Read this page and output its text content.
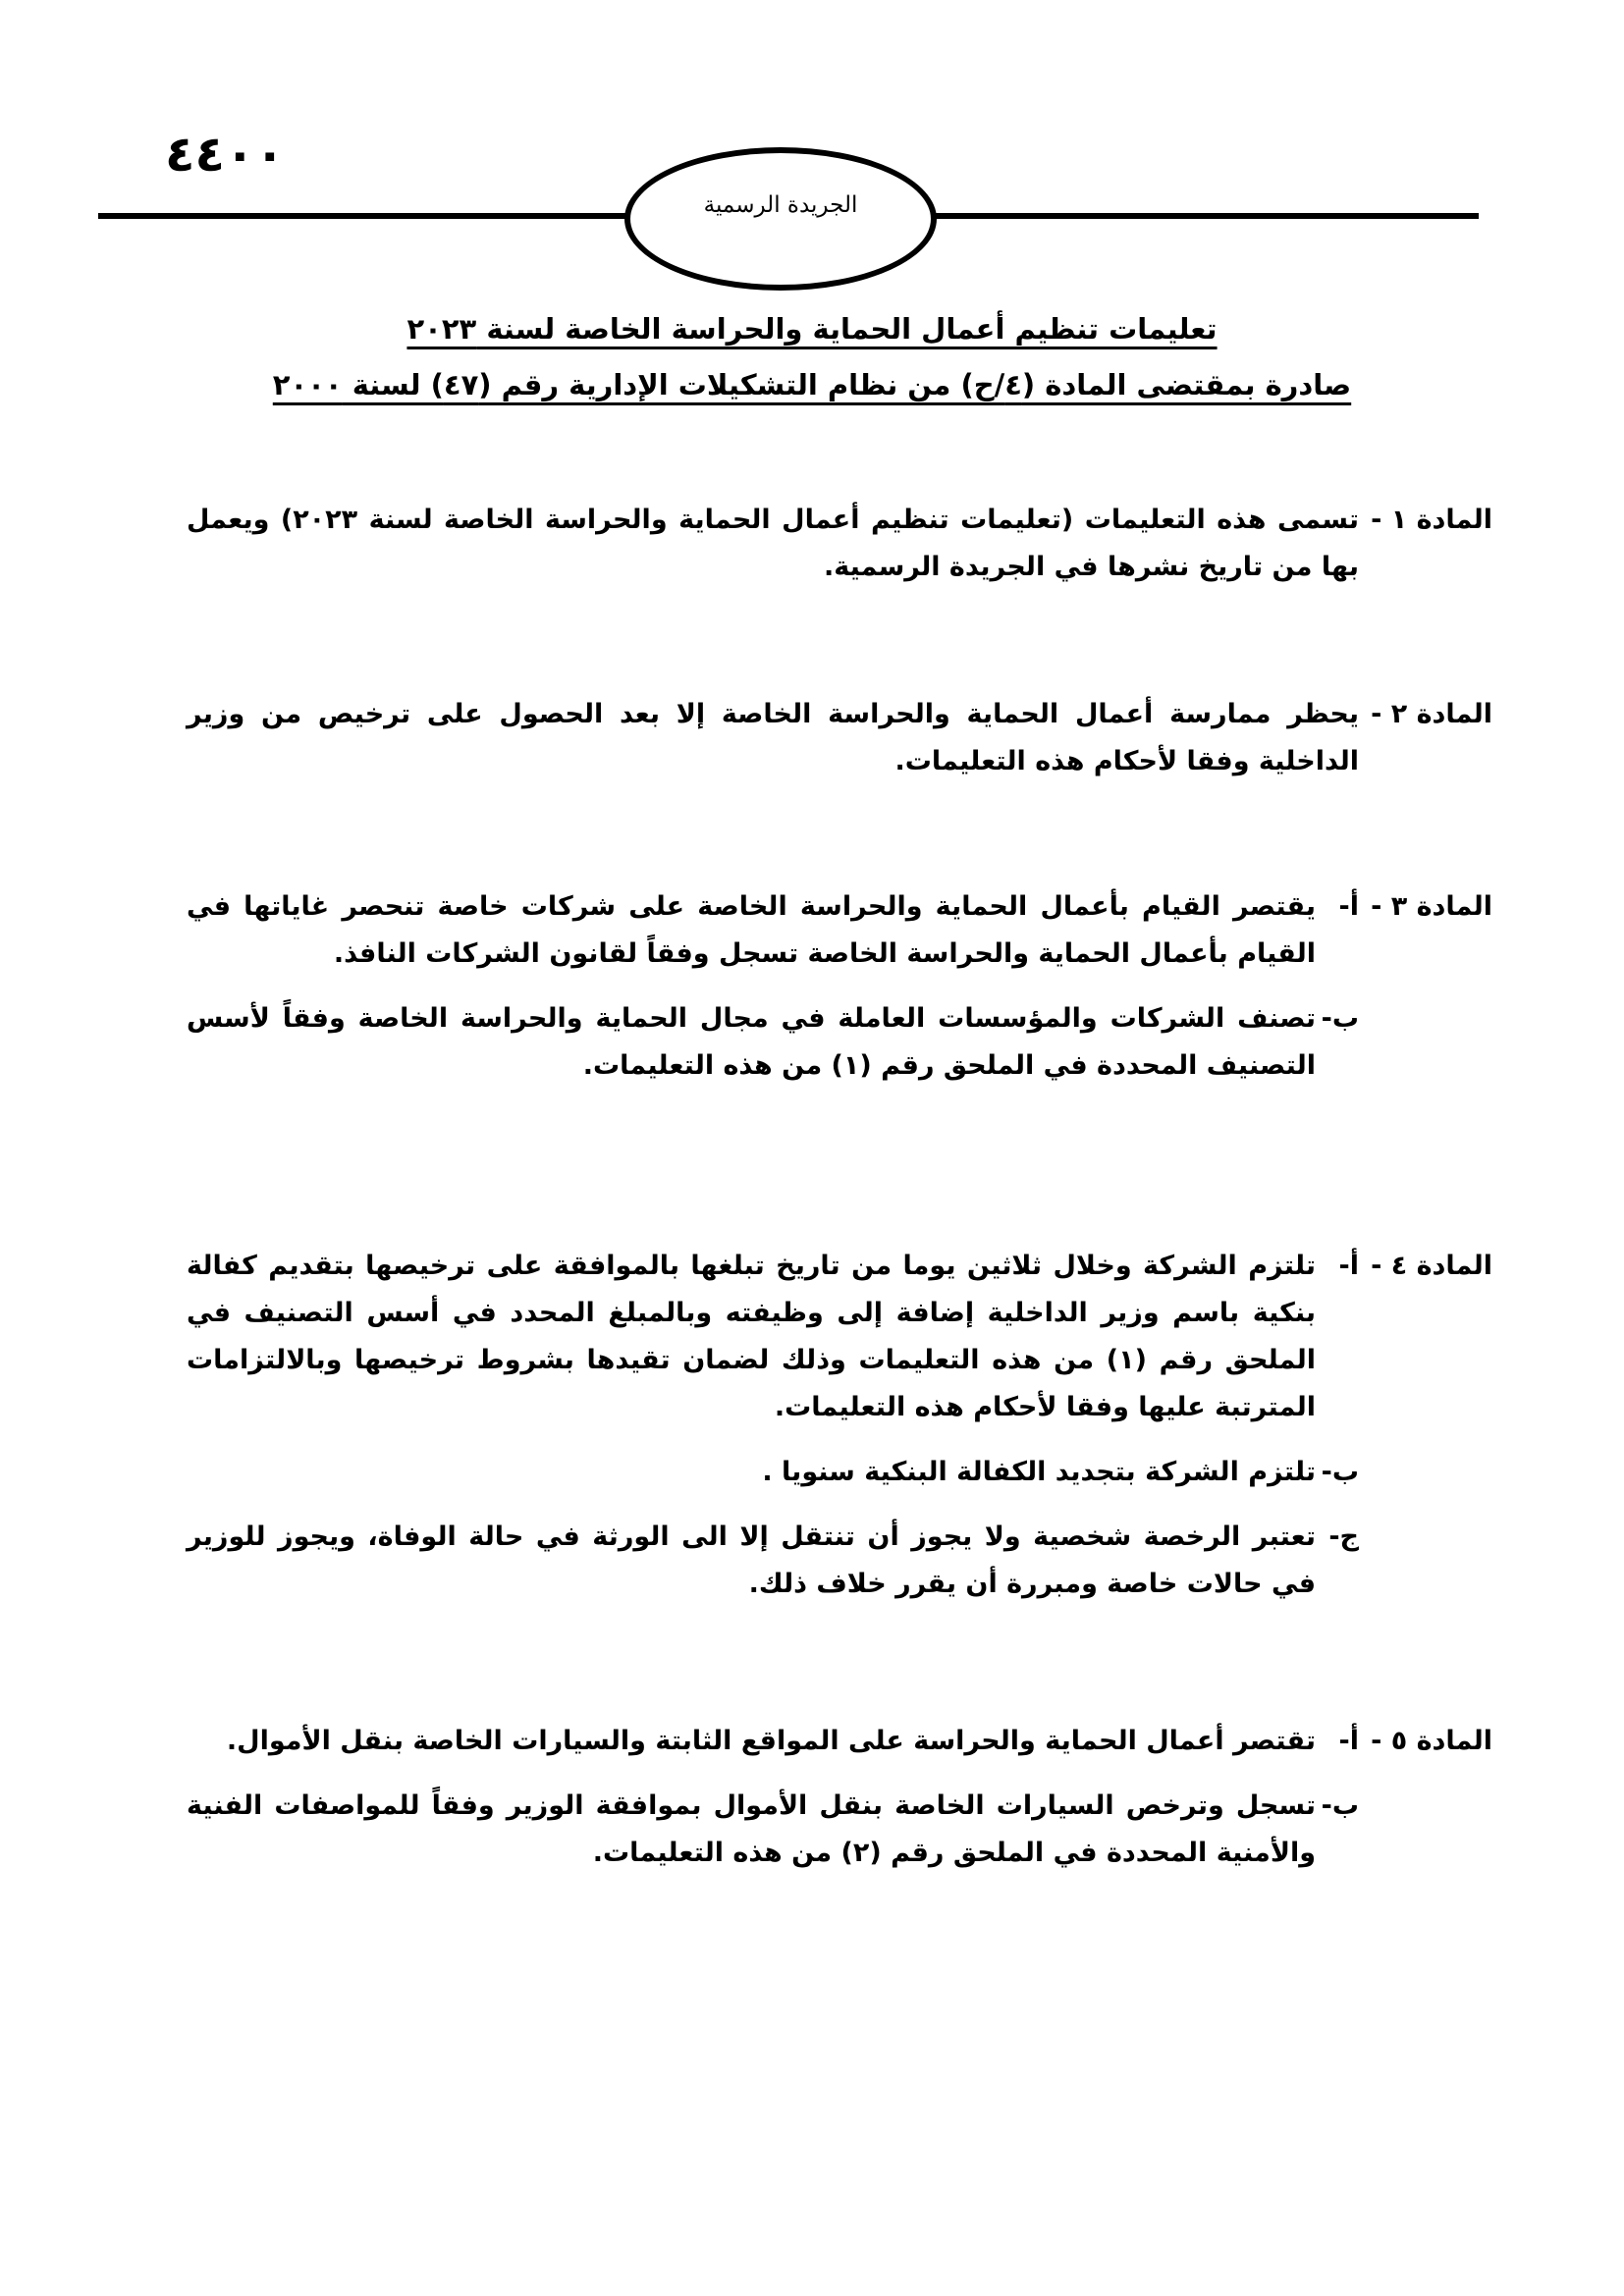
٤٤٠٠
الجريدة الرسمية
تعليمات تنظيم أعمال الحماية والحراسة الخاصة لسنة ٢٠٢٣
صادرة بمقتضى المادة (٤/ح) من نظام التشكيلات الإدارية رقم (٤٧) لسنة ٢٠٠٠
المادة ١ -

تسمى هذه التعليمات (تعليمات تنظيم أعمال الحماية والحراسة الخاصة لسنة ٢٠٢٣) ويعمل بها من تاريخ نشرها في الجريدة الرسمية.

المادة ٢ -

يحظر ممارسة أعمال الحماية والحراسة الخاصة إلا بعد الحصول على ترخيص من وزير الداخلية وفقا لأحكام هذه التعليمات.

المادة ٣ -
أ-

يقتصر القيام بأعمال الحماية والحراسة الخاصة على شركات خاصة تنحصر غاياتها في القيام بأعمال الحماية والحراسة الخاصة تسجل وفقاً لقانون الشركات النافذ.

ب-

تصنف الشركات والمؤسسات العاملة في مجال الحماية والحراسة الخاصة وفقاً لأسس التصنيف المحددة في الملحق رقم (١) من هذه التعليمات.

المادة ٤ -
أ-

تلتزم الشركة وخلال ثلاثين يوما من تاريخ تبلغها بالموافقة على ترخيصها بتقديم كفالة بنكية باسم وزير الداخلية إضافة إلى وظيفته وبالمبلغ المحدد في أسس التصنيف في الملحق رقم (١) من هذه التعليمات وذلك لضمان تقيدها بشروط ترخيصها وبالالتزامات المترتبة عليها وفقا لأحكام هذه التعليمات.

ب-

تلتزم الشركة بتجديد الكفالة البنكية سنويا .

ج-

تعتبر الرخصة شخصية ولا يجوز أن تنتقل إلا الى الورثة في حالة الوفاة، ويجوز للوزير في حالات خاصة ومبررة أن يقرر خلاف ذلك.

المادة ٥ -
أ-

تقتصر أعمال الحماية والحراسة على المواقع الثابتة والسيارات الخاصة بنقل الأموال.

ب-

تسجل وترخص السيارات الخاصة بنقل الأموال بموافقة الوزير وفقاً للمواصفات الفنية والأمنية المحددة في الملحق رقم (٢) من هذه التعليمات.
